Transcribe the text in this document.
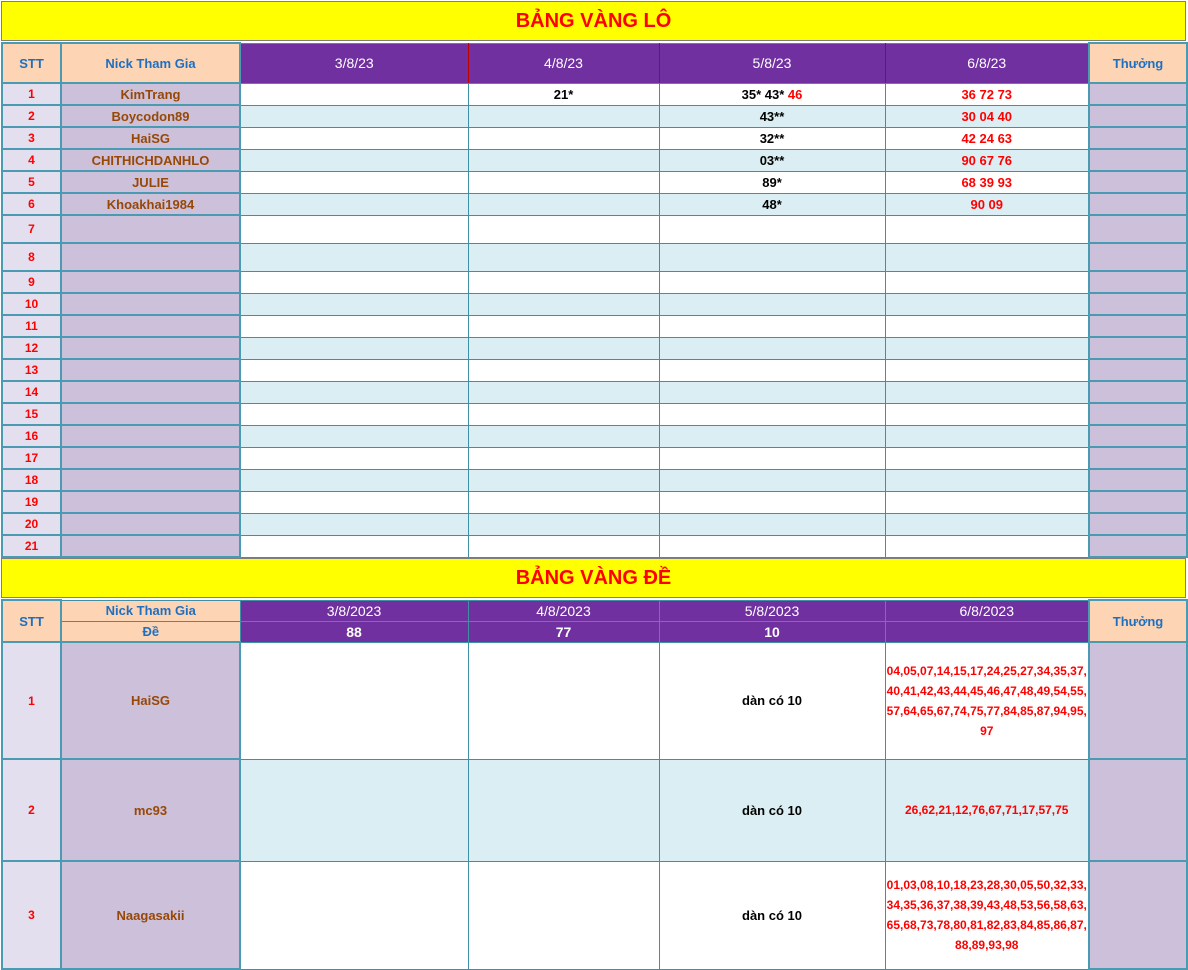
BẢNG VÀNG LÔ
STT	Nick Tham Gia	3/8/23	4/8/23	5/8/23	6/8/23	Thưởng
1	KimTrang		21*	35* 43* 46	36 72 73	
2	Boycodon89			43**	30 04 40	
3	HaiSG			32**	42 24 63	
4	CHITHICHDANHLO			03**	90 67 76	
5	JULIE			89*	68 39 93	
6	Khoakhai1984			48*	90 09	
7						
8						
9						
10						
11						
12						
13						
14						
15						
16						
17						
18						
19						
20						
21						
BẢNG VÀNG ĐỀ
STT	Nick Tham Gia	3/8/2023	4/8/2023	5/8/2023	6/8/2023	Thưởng
	Đề	88	77	10		
1	HaiSG			dàn có 10	04,​05,​07,​14,​15,​17,​24,​25,​27,​34,​35,​37,​40,​41,​42,​43,​44,​45,​46,​47,​48,​49,​54,​55,​57,​64,​65,​67,​74,​75,​77,​84,​85,​87,​94,​95,​97	
2	mc93			dàn có 10	26,​62,​21,​12,​76,​67,​71,​17,​57,​75	
3	Naagasakii			dàn có 10	01,​03,​08,​10,​18,​23,​28,​30,​05,​50,​32,​33,​34,​35,​36,​37,​38,​39,​43,​48,​53,​56,​58,​63,​65,​68,​73,​78,​80,​81,​82,​83,​84,​85,​86,​87,​88,​89,​93,​98	
